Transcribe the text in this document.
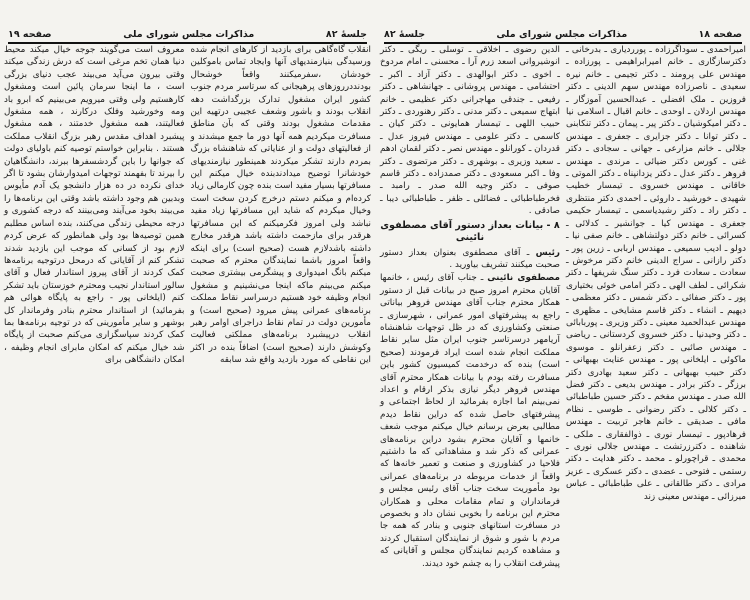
جلسهٔ ۸۲
مذاکرات مجلس شورای ملی
صفحه ۱۹

انقلاب گاه‌گاهی برای بازدید از کارهای انجام شده ورسیدگی بنیازمندیهای آنها وایجاد تماس باموکلین خودشان ،سفرمیکنند واقعاً خوشحال بودنددرروزهای پرهیجانی که سرتاسر مردم جنوب کشور ایران مشغول تدارک بزرگداشت دهه انقلاب بودند و باشور وشعف عجیبی درتهیه این مقدمات مشغول بودند وقتی که بآن مناطق مسافرت میکردیم همه آنها دور ما جمع میشدند و از فعالیتهای دولت و از عنایاتی که شاهنشاه بزرگ بمردم دارند تشکر میکردند همینطور نیازمندیهای خودشانرا توضیح میدادندبنده خیال میکنم این مسافرتها بسیار مفید است بنده چون کارمالی زیاد کرده‌ام و میکنم دستم درخرج کردن سخت است وخیال میکردم که شاید این مسافرتها زیاد مفید نباشد ولی امروز فکرمیکنم که این مسافرتها هرقدر برای مازحمت داشته باشد هرقدر مخارج داشته باشدلازم هست (صحیح است) برای اینکه واقعاً امروز باشما نمایندگان محترم که صحبت میکنم بانگ امیدواری و پیشگرمی بیشتری صحبت میکنم می‌بینم ماکه اینجا می‌نشینیم و مشغول انجام وظیفه خود هستیم درسراسر نقاط مملکت برنامه‌های عمرانی پیش میرود (صحیح است) و مأمورین دولت در تمام نقاط دراجرای اوامر رهبر انقلاب درپیشبرد برنامه‌های مملکتی فعالیت وکوشش دارند (صحیح است) اضافاً بنده در اکثر این نقاطی که مورد بازدید واقع شد سابقه

معروف است می‌گویند جوجه خیال میکند محیط دنیا همان تخم مرغی است که درش زندگی میکند وقتی بیرون می‌آید می‌بیند عجب دنیای بزرگی است ، ما اینجا سرمان پائین است ومشغول کارهستیم ولی وقتی میرویم می‌بینیم که ابرو باد ومه وخورشید وفلک درکارند ، همه مشغول فعالیتند، همه مشغول خدمتند ، همه مشغول پیشبرد اهداف مقدس رهبر بزرگ انقلاب مملکت هستند . بنابراین خواستم توصیه کنم باولیای دولت که جوانها را باین گردشسفرها ببرند، دانشگاهیان را بیرند تا بفهمند توجهات امیدوارشان بشود تا اگر خدای نکرده در ده هزار دانشجو یک آدم مأیوس وبدبین هم وجود داشته باشد وقتی این برنامه‌ها را می‌بیند بخود می‌آیند ومی‌بینند که درجه کشوری و درجه محیطی زندگی می‌کنند، بنده اساس مطلبم همین توصیه‌ها بود ولی همانطور که عرض کردم لازم بود از کسانی که موجب این بازدید شدند تشکر کنم از آقایانی که درمحل درتوجیه برنامه‌ها کمک کردند از آقای پیروز استاندار فعال و آقای سالور استاندار نجیب ومحترم خوزستان باید تشکر کنم (ایلخانی پور - راجع به پایگاه هوائی هم بفرمائید) از استاندار محترم بنادر وفرماندار کل بوشهر و سایر مأمورینی که در توجیه برنامه‌ها بما کمک کردند سپاسگزاری می‌کنم صحبت از پایگاه شد خیال میکنم که امکان مابرای انجام وظیفه ، امکان دانشگاهی برای

صفحه ۱۸
مذاکرات مجلس شورای ملی
جلسهٔ ۸۲

امیراحمدی ـ سوداگرزاده ـ پورردیاری ـ بدرخانی ـ دکترسازگاری ـ خانم امیرابراهیمی ـ پورزاده ـ مهندس علی پرومند ـ دکتر تجیمی ـ خانم نیره سعیدی ـ ناصرزاده مهندس سهم الدینی ـ دکتر فروزین ـ ملک افضلی ـ عبدالحسین آموزگار ـ مهندس اردلان ـ اوحدی ـ خانم اقبال ـ اسلامی نیا ـ دکتر امیکوشیان ـ دکتر پیر ـ پیمان ـ دکتر تنکابنی ـ دکتر توانا ـ دکتر جزایری ـ جعفری ـ مهندس جلالی ـ خانم مزارعی ـ جهانی ـ سجادی ـ دکتر غنی ـ کورس دکتر ضیائی ـ مرندی ـ مهندس فروهر ـ دکتر عدل ـ دکتر یزدانپناه ـ دکتر الموتی ـ خاقانی ـ مهندس خسروی ـ تیمسار خطیب شهیدی ـ خورشید ـ داروئی ـ احمدی دکتر منتظری ـ دکتر راد ـ دکتر رشیدیاسمی ـ تیمسار حکیمی جعفری ـ مهندس کیا ـ جوانشیر ـ کدلائی ـ کسرائی ـ خانم دکتر دولتشاهی ـ خانم صفی نیا ـ دولو ـ ادیب سمیعی ـ مهندس اربابی ـ زرین پور ـ دکتر رازانی ـ سراج الدینی خانم دکتر مرخوش ـ سعادت ـ سعادت فرد ـ دکتر سنگ شریفها ـ دکتر شکرائی ـ لطف الهی ـ دکتر امامی خوئی بختیاری پور ـ دکتر صفائی ـ دکتر شمس ـ دکتر معظمی ـ دیهیم ـ انشاء ـ دکتر قاسم مشایخی ـ مظهری ـ مهندس عبدالحمید معینی ـ دکتر وزیری ـ پوربابائی ـ دکتر وحیدنیا ـ دکتر خسروی کردستانی ـ ریاضی ـ مهندس صائبی ـ دکتر زعفرانلو ـ موسوی ماکوئی ـ ایلخانی پور ـ مهندس عنایت بهبهانی ـ دکتر حبیب بهبهانی ـ دکتر سعید بهادری دکتر برزگر ـ دکتر برادر ـ مهندس بدیعی ـ دکتر فضل الله صدر ـ مهندس مفخم ـ دکتر حسین طباطبائی ـ دکتر کلالی ـ دکتر رضوانی ـ طوسی ـ نظام مافی ـ صدیقی ـ خانم هاجر تربیت ـ مهندس فرهادپور ـ تیمسار نوری ـ ذوالفقاری ـ ملکی ـ شاهنده ـ دکترزرتشت ـ مهندس جلالی نوری ـ محمدی ـ قراچورلو ـ محمد ـ دکتر هدایت ـ دکتر رستمی ـ فتوحی ـ عضدی ـ دکتر عسکری ـ عزیز مرادی ـ دکتر طالقانی ـ علی طباطبائی ـ عباس میرزائی ـ مهندس معینی زند

الدین رضوی ـ اخلاقی ـ توسلی ـ ریگی ـ دکتر انوشیروانی اسعد زرم آرا ـ محسنی ـ امام مردوخ ـ اخوی ـ دکتر ابوالهدی ـ دکتر آزاد ـ اکبر ـ احتشامی ـ مهندس پروشانی ـ جهانشاهی ـ دکتر رفیعی ـ جندقی مهاجرانی دکتر عظیمی ـ خانم ابتهاج سمیعی ـ دکتر مدنی ـ دکتر رهنوردی ـ دکتر حبیب اللهی ـ تیمسار همایونی ـ دکتر کیان ـ کاسمی ـ دکتر علومی ـ مهندس فیروز عدل ـ قدردان ـ کورانلو ـ مهندس نصر ـ دکتر لقمان ادهم ـ سعید وزیری ـ بوشهری ـ دکتر مرتضوی ـ دکتر وفا ـ اکبر مسعودی ـ دکتر صمدزاده ـ دکتر قاسم صوفی ـ دکتر وجیه الله صدر ـ رامبد ـ فخرطباطبائی ـ فضائلی ـ ظفر ـ طباطبائی دیبا ـ صادقی .

۸ - بیانات بعداز دستور آقای مصطفوی نائینی

رئیس ـ آقای مصطفوی بعنوان بعداز دستور صحبت میکنند تشریف بیاورید .

مصطفوی نائینی ـ جناب آقای رئیس ، خانمها آقایان محترم امروز صبح در بیانات قبل از دستور همکار محترم جناب آقای مهندس فروهر بیاناتی راجع به پیشرفتهای امور عمرانی ، شهرسازی ـ صنعتی وکشاورزی که در ظل توجهات شاهنشاه آریامهر درسرتاسر جنوب ایران مثل سایر نقاط مملکت انجام شده است ایراد فرمودند (صحیح است) بنده که درخدمت کمیسیون کشور باین مسافرت رفته بودم با بیانات همکار محترم آقای مهندس فروهر دیگر نیازی بذکر ارقام و اعداد نمی‌بینم اما اجازه بفرمائید از لحاظ اجتماعی و پیشرفتهای حاصل شده که دراین نقاط دیدم مطالبی بعرض برسانم خیال میکنم موجب شعف خانمها و آقایان محترم بشود دراین برنامه‌های عمرانی که ذکر شد و مشاهداتی که ما داشتیم فلاحیا در کشاورزی و صنعت و تعمیر خانه‌ها که واقعاً از خدمات مربوطه در برنامه‌های عمرانی بود مأموریت سخت جناب آقای رئیس مجلس و فرمانداران و تمام مقامات محلی و همکاران محترم این برنامه را بخوبی نشان داد و بخصوص در مسافرت استانهای جنوبی و بنادر که همه جا مردم با شور و شوق از نمایندگان استقبال کردند و مشاهده کردیم نمایندگان مجلس و آقایانی که پیشرفت انقلاب را به چشم خود دیدند.
